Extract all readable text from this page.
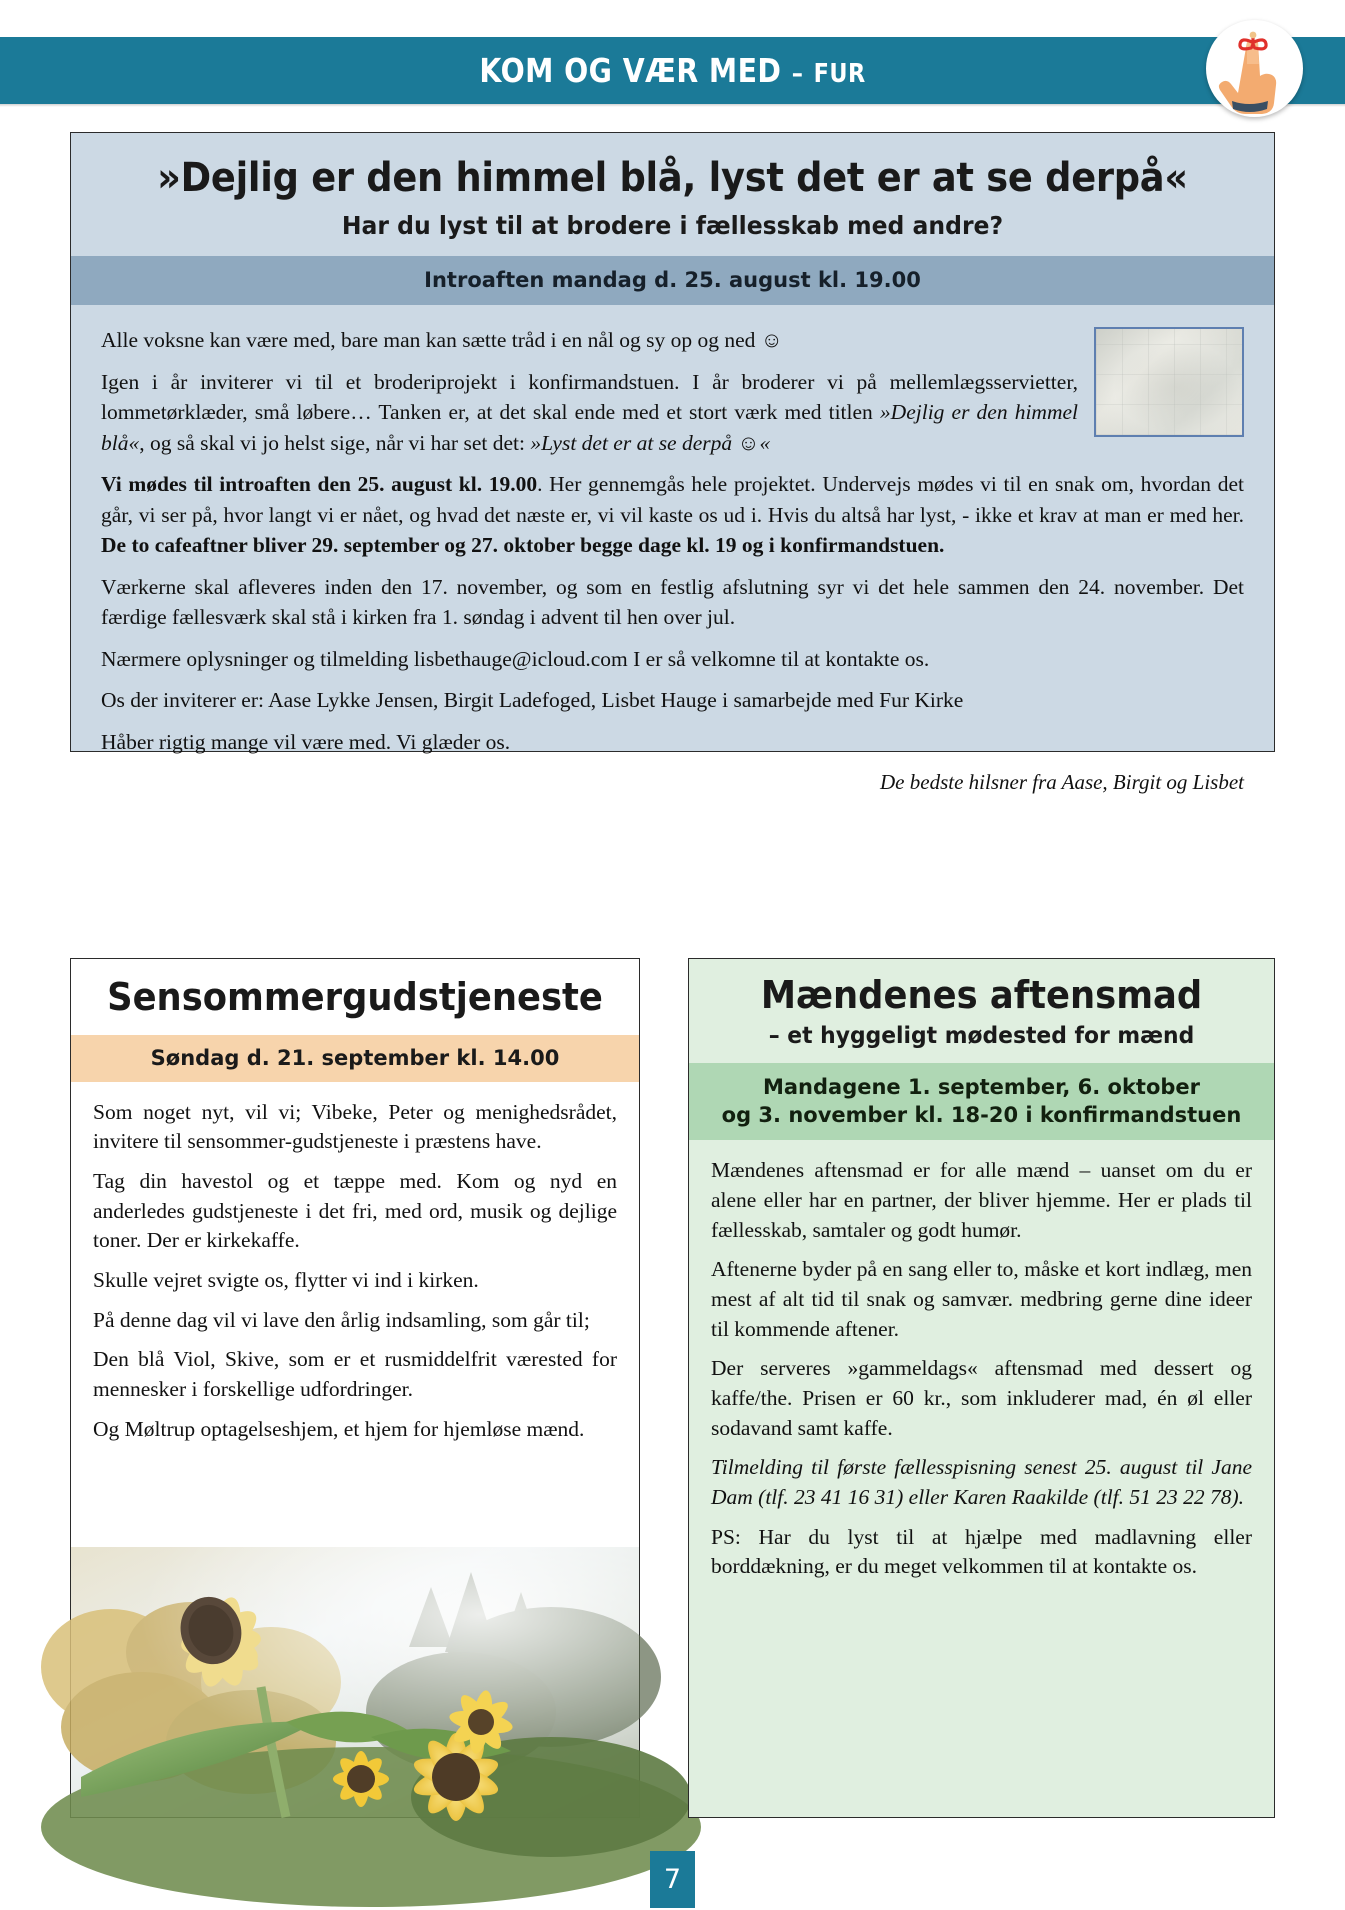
KOM OG VÆR MED – FUR
»Dejlig er den himmel blå, lyst det er at se derpå«
Har du lyst til at brodere i fællesskab med andre?
Introaften mandag d. 25. august kl. 19.00

Alle voksne kan være med, bare man kan sætte tråd i en nål og sy op og ned ☺

Igen i år inviterer vi til et broderiprojekt i konfirmandstuen. I år broderer vi på mellemlægsservietter, lommetørklæder, små løbere… Tanken er, at det skal ende med et stort værk med titlen »Dejlig er den himmel blå«, og så skal vi jo helst sige, når vi har set det: »Lyst det er at se derpå ☺«

Vi mødes til introaften den 25. august kl. 19.00. Her gennemgås hele projektet. Undervejs mødes vi til en snak om, hvordan det går, vi ser på, hvor langt vi er nået, og hvad det næste er, vi vil kaste os ud i. Hvis du altså har lyst, - ikke et krav at man er med her. De to cafeaftner bliver 29. september og 27. oktober begge dage kl. 19 og i konfirmandstuen.

Værkerne skal afleveres inden den 17. november, og som en festlig afslutning syr vi det hele sammen den 24. november. Det færdige fællesværk skal stå i kirken fra 1. søndag i advent til hen over jul.

Nærmere oplysninger og tilmelding lisbethauge@icloud.com I er så velkomne til at kontakte os.

Os der inviterer er: Aase Lykke Jensen, Birgit Ladefoged, Lisbet Hauge i samarbejde med Fur Kirke

Håber rigtig mange vil være med. Vi glæder os.

De bedste hilsner fra Aase, Birgit og Lisbet
Sensommergudstjeneste
Søndag d. 21. september kl. 14.00

Som noget nyt, vil vi; Vibeke, Peter og menighedsrådet, invitere til sensommer-gudstjeneste i præstens have.

Tag din havestol og et tæppe med. Kom og nyd en anderledes gudstjeneste i det fri, med ord, musik og dejlige toner. Der er kirkekaffe.

Skulle vejret svigte os, flytter vi ind i kirken.

På denne dag vil vi lave den årlig indsamling, som går til;

Den blå Viol, Skive, som er et rusmiddelfrit værested for mennesker i forskellige udfordringer.

Og Møltrup optagelseshjem, et hjem for hjemløse mænd.

Mændenes aftensmad
– et hyggeligt mødested for mænd
Mandagene 1. september, 6. oktober
og 3. november kl. 18-20 i konfirmandstuen

Mændenes aftensmad er for alle mænd – uanset om du er alene eller har en partner, der bliver hjemme. Her er plads til fællesskab, samtaler og godt humør.

Aftenerne byder på en sang eller to, måske et kort indlæg, men mest af alt tid til snak og samvær. medbring gerne dine ideer til kommende aftener.

Der serveres »gammeldags« aftensmad med dessert og kaffe/the. Prisen er 60 kr., som inkluderer mad, én øl eller sodavand samt kaffe.

Tilmelding til første fællesspisning senest 25. august til Jane Dam (tlf. 23 41 16 31) eller Karen Raakilde (tlf. 51 23 22 78).

PS: Har du lyst til at hjælpe med madlavning eller borddækning, er du meget velkommen til at kontakte os.

7
